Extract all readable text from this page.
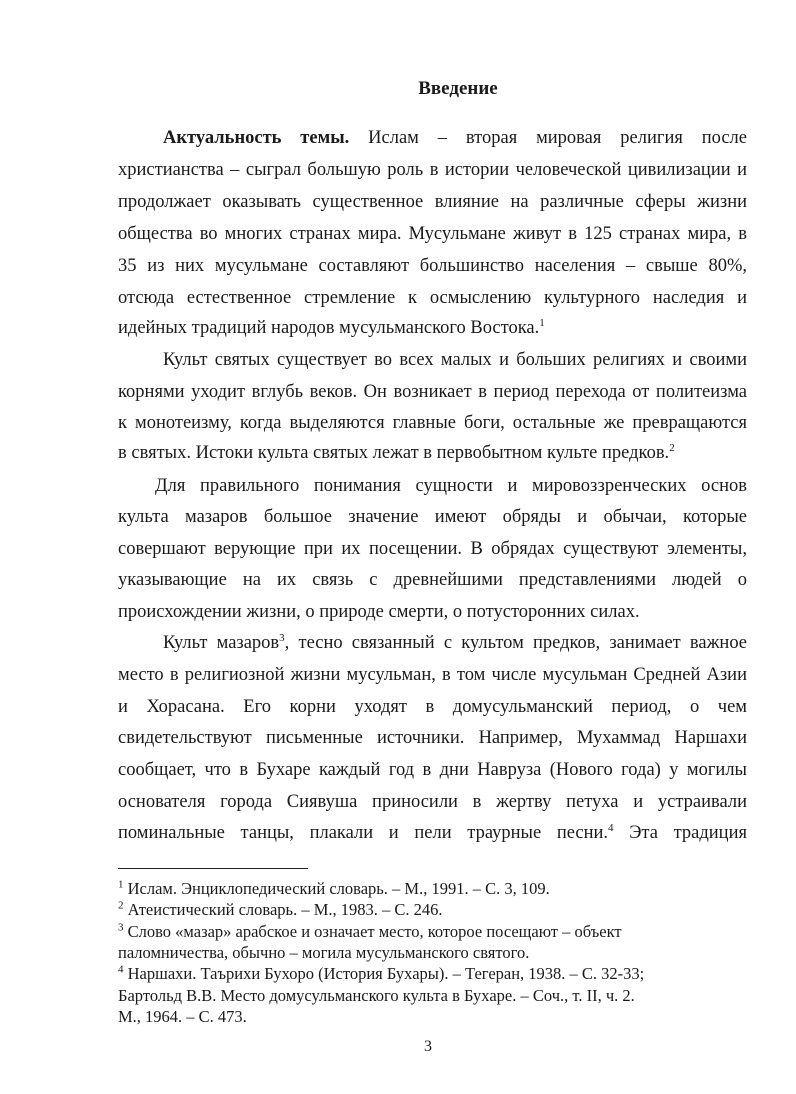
Введение
Актуальность темы. Ислам – вторая мировая религия после
христианства – сыграл большую роль в истории человеческой цивилизации и
продолжает оказывать существенное влияние на различные сферы жизни
общества во многих странах мира. Мусульмане живут в 125 странах мира, в
35 из них мусульмане составляют большинство населения – свыше 80%,
отсюда естественное стремление к осмыслению культурного наследия и
идейных традиций народов мусульманского Востока.$^1$
Культ святых существует во всех малых и больших религиях и своими
корнями уходит вглубь веков. Он возникает в период перехода от политеизма
к монотеизму, когда выделяются главные боги, остальные же превращаются
в святых. Истоки культа святых лежат в первобытном культе предков.$^2$
Для правильного понимания сущности и мировоззренческих основ
культа мазаров большое значение имеют обряды и обычаи, которые
совершают верующие при их посещении. В обрядах существуют элементы,
указывающие на их связь с древнейшими представлениями людей о
происхождении жизни, о природе смерти, о потусторонних силах.
Культ мазаров$^3$, тесно связанный с культом предков, занимает важное
место в религиозной жизни мусульман, в том числе мусульман Средней Азии
и Хорасана. Его корни уходят в домусульманский период, о чем
свидетельствуют письменные источники. Например, Мухаммад Наршахи
сообщает, что в Бухаре каждый год в дни Навруза (Нового года) у могилы
основателя города Сиявуша приносили в жертву петуха и устраивали
поминальные танцы, плакали и пели траурные песни.$^4$ Эта традиция
$^1$ Ислам. Энциклопедический словарь. – М., 1991. – С. 3, 109.
$^2$ Атеистический словарь. – М., 1983. – С. 246.
$^3$ Слово «мазар» арабское и означает место, которое посещают – объект
паломничества, обычно – могила мусульманского святого.
$^4$ Наршахи. Таърихи Бухоро (История Бухары). – Тегеран, 1938. – С. 32-33;
Бартольд В.В. Место домусульманского культа в Бухаре. – Соч., т. II, ч. 2.
М., 1964. – С. 473.
3
